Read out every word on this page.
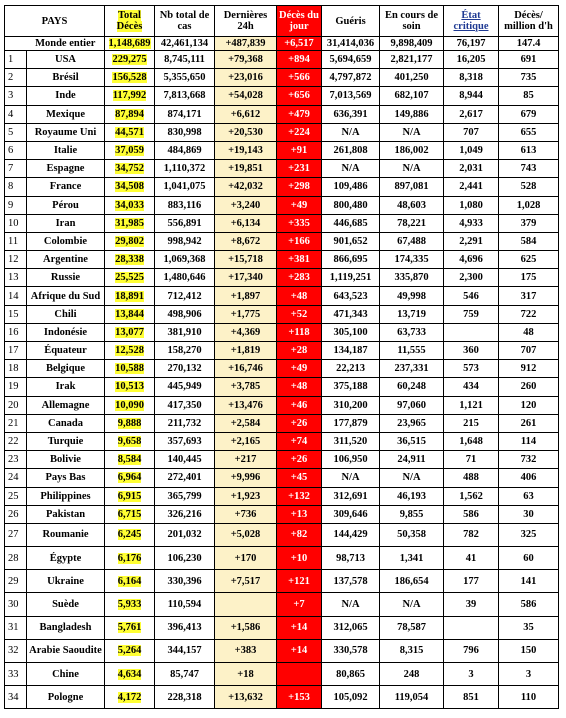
PAYS		Total Décès	Nb total de cas	Dernières 24h	Décès du jour	Guéris	En cours de soin	État critique	Décès/ million d'h
	Monde entier	1,148,689	42,461,134	+487,839	+6,517	31,414,036	9,898,409	76,197	147.4
1	USA	229,275	8,745,111	+79,368	+894	5,694,659	2,821,177	16,205	691
2	Brésil	156,528	5,355,650	+23,016	+566	4,797,872	401,250	8,318	735
3	Inde	117,992	7,813,668	+54,028	+656	7,013,569	682,107	8,944	85
4	Mexique	87,894	874,171	+6,612	+479	636,391	149,886	2,617	679
5	Royaume Uni	44,571	830,998	+20,530	+224	N/A	N/A	707	655
6	Italie	37,059	484,869	+19,143	+91	261,808	186,002	1,049	613
7	Espagne	34,752	1,110,372	+19,851	+231	N/A	N/A	2,031	743
8	France	34,508	1,041,075	+42,032	+298	109,486	897,081	2,441	528
9	Pérou	34,033	883,116	+3,240	+49	800,480	48,603	1,080	1,028
10	Iran	31,985	556,891	+6,134	+335	446,685	78,221	4,933	379
11	Colombie	29,802	998,942	+8,672	+166	901,652	67,488	2,291	584
12	Argentine	28,338	1,069,368	+15,718	+381	866,695	174,335	4,696	625
13	Russie	25,525	1,480,646	+17,340	+283	1,119,251	335,870	2,300	175
14	Afrique du Sud	18,891	712,412	+1,897	+48	643,523	49,998	546	317
15	Chili	13,844	498,906	+1,775	+52	471,343	13,719	759	722
16	Indonésie	13,077	381,910	+4,369	+118	305,100	63,733		48
17	Équateur	12,528	158,270	+1,819	+28	134,187	11,555	360	707
18	Belgique	10,588	270,132	+16,746	+49	22,213	237,331	573	912
19	Irak	10,513	445,949	+3,785	+48	375,188	60,248	434	260
20	Allemagne	10,090	417,350	+13,476	+46	310,200	97,060	1,121	120
21	Canada	9,888	211,732	+2,584	+26	177,879	23,965	215	261
22	Turquie	9,658	357,693	+2,165	+74	311,520	36,515	1,648	114
23	Bolivie	8,584	140,445	+217	+26	106,950	24,911	71	732
24	Pays Bas	6,964	272,401	+9,996	+45	N/A	N/A	488	406
25	Philippines	6,915	365,799	+1,923	+132	312,691	46,193	1,562	63
26	Pakistan	6,715	326,216	+736	+13	309,646	9,855	586	30
27	Roumanie	6,245	201,032	+5,028	+82	144,429	50,358	782	325
28	Égypte	6,176	106,230	+170	+10	98,713	1,341	41	60
29	Ukraine	6,164	330,396	+7,517	+121	137,578	186,654	177	141
30	Suède	5,933	110,594		+7	N/A	N/A	39	586
31	Bangladesh	5,761	396,413	+1,586	+14	312,065	78,587		35
32	Arabie Saoudite	5,264	344,157	+383	+14	330,578	8,315	796	150
33	Chine	4,634	85,747	+18		80,865	248	3	3
34	Pologne	4,172	228,318	+13,632	+153	105,092	119,054	851	110
